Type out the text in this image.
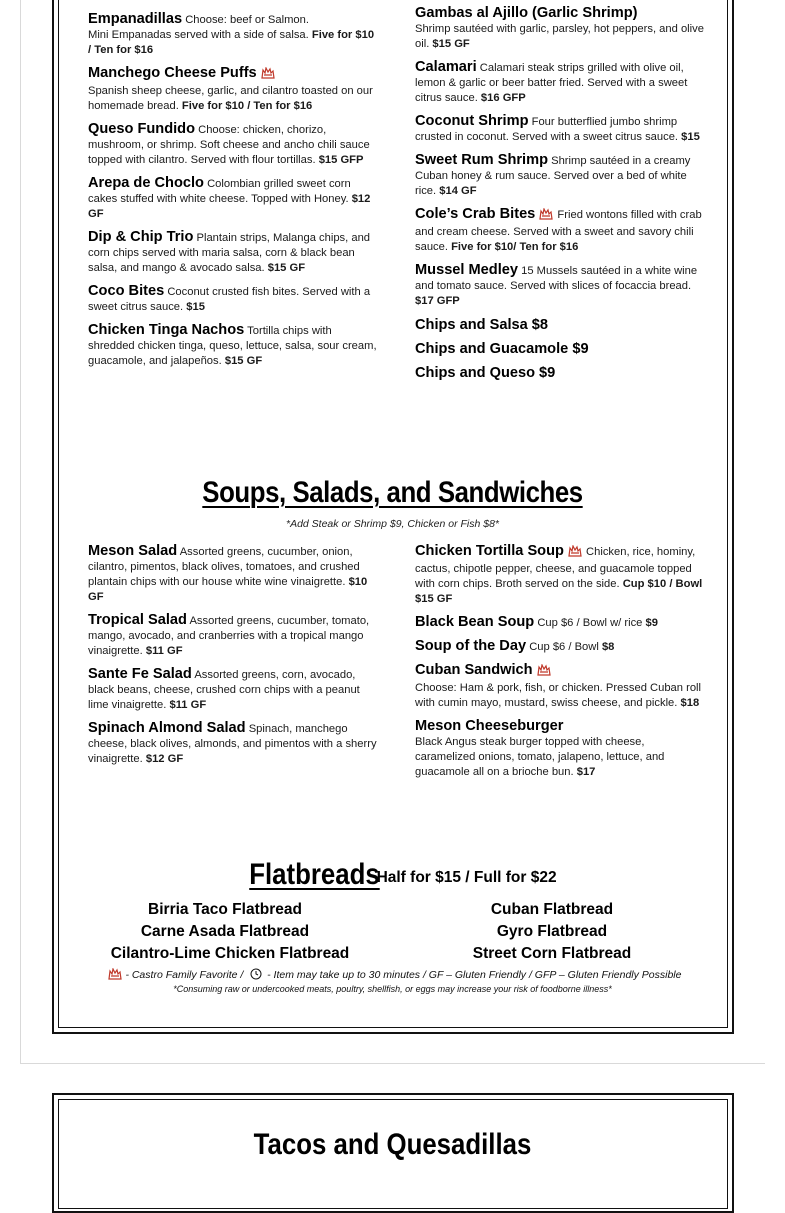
Empanadillas Choose: beef or Salmon.
Mini Empanadas served with a side of salsa. Five for $10 / Ten for $16
Manchego Cheese Puffs
Spanish sheep cheese, garlic, and cilantro toasted on our homemade bread. Five for $10 / Ten for $16
Queso Fundido Choose: chicken, chorizo, mushroom, or shrimp. Soft cheese and ancho chili sauce topped with cilantro. Served with flour tortillas. $15 GFP
Arepa de Choclo Colombian grilled sweet corn cakes stuffed with white cheese. Topped with Honey. $12 GF
Dip & Chip Trio Plantain strips, Malanga chips, and corn chips served with maria salsa, corn & black bean salsa, and mango & avocado salsa. $15 GF
Coco Bites Coconut crusted fish bites. Served with a sweet citrus sauce. $15
Chicken Tinga Nachos Tortilla chips with shredded chicken tinga, queso, lettuce, salsa, sour cream, guacamole, and jalapeños. $15 GF
Gambas al Ajillo (Garlic Shrimp)
Shrimp sautéed with garlic, parsley, hot peppers, and olive oil. $15 GF
Calamari Calamari steak strips grilled with olive oil, lemon & garlic or beer batter fried. Served with a sweet citrus sauce. $16 GFP
Coconut Shrimp Four butterflied jumbo shrimp crusted in coconut. Served with a sweet citrus sauce. $15
Sweet Rum Shrimp Shrimp sautéed in a creamy Cuban honey & rum sauce. Served over a bed of white rice. $14 GF
Cole’s Crab Bites Fried wontons filled with crab and cream cheese. Served with a sweet and savory chili sauce. Five for $10/ Ten for $16
Mussel Medley 15 Mussels sautéed in a white wine and tomato sauce. Served with slices of focaccia bread. $17 GFP
Chips and Salsa $8
Chips and Guacamole $9
Chips and Queso $9
Soups, Salads, and Sandwiches
*Add Steak or Shrimp $9, Chicken or Fish $8*
Meson Salad Assorted greens, cucumber, onion, cilantro, pimentos, black olives, tomatoes, and crushed plantain chips with our house white wine vinaigrette. $10 GF
Tropical Salad Assorted greens, cucumber, tomato, mango, avocado, and cranberries with a tropical mango vinaigrette. $11 GF
Sante Fe Salad Assorted greens, corn, avocado, black beans, cheese, crushed corn chips with a peanut lime vinaigrette. $11 GF
Spinach Almond Salad Spinach, manchego cheese, black olives, almonds, and pimentos with a sherry vinaigrette. $12 GF
Chicken Tortilla Soup Chicken, rice, hominy, cactus, chipotle pepper, cheese, and guacamole topped with corn chips. Broth served on the side. Cup $10 / Bowl $15 GF
Black Bean Soup Cup $6 / Bowl w/ rice $9
Soup of the Day Cup $6 / Bowl $8
Cuban Sandwich
Choose: Ham & pork, fish, or chicken. Pressed Cuban roll with cumin mayo, mustard, swiss cheese, and pickle. $18
Meson Cheeseburger
Black Angus steak burger topped with cheese, caramelized onions, tomato, jalapeno, lettuce, and guacamole all on a brioche bun. $17
Flatbreads Half for $15 / Full for $22
Birria Taco Flatbread
Carne Asada Flatbread
Cilantro-Lime Chicken Flatbread
Cuban Flatbread
Gyro Flatbread
Street Corn Flatbread
- Castro Family Favorite / - Item may take up to 30 minutes / GF – Gluten Friendly / GFP – Gluten Friendly Possible
*Consuming raw or undercooked meats, poultry, shellfish, or eggs may increase your risk of foodborne illness*
Tacos and Quesadillas
